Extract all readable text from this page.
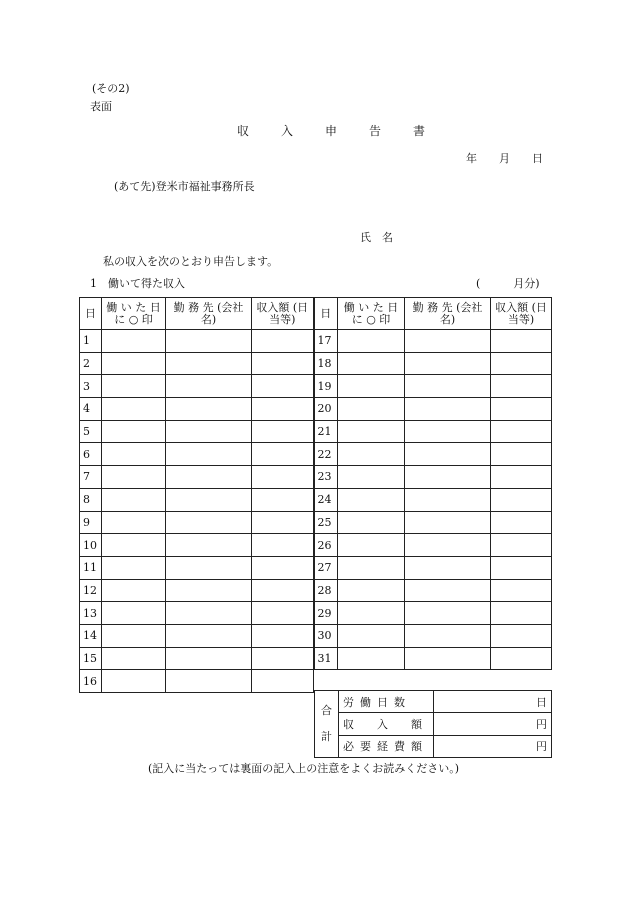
(その2)
表面
収　入　申　告　書
年　　月　　日
(あて先)登米市福祉事務所長
氏　名
私の収入を次のとおり申告します。
1　働いて得た収入	(　　　月分)
日	働 い た 日 に ○ 印	勤 務 先 (会社名)	収入額 (日当等)	日	働 い た 日 に ○ 印	勤 務 先 (会社名)	収入額 (日当等)
1				17			
2				18			
3				19			
4				20			
5				21			
6				22			
7				23			
8				24			
9				25			
10				26			
11				27			
12				28			
13				29			
14				30			
15				31			
16							
合
計	労働日数	日
	収　入　額	円
	必要経費額	円
(記入に当たっては裏面の記入上の注意をよくお読みください。)
